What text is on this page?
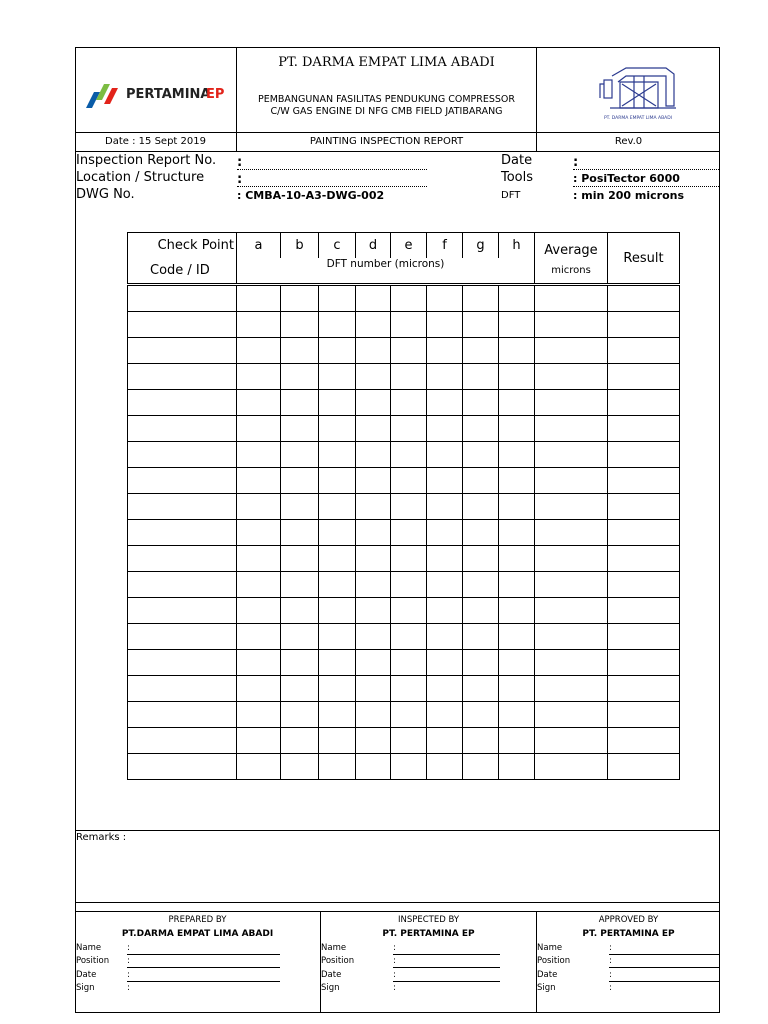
PERTAMINA
EP
PT. DARMA EMPAT LIMA ABADI
PEMBANGUNAN FASILITAS PENDUKUNG COMPRESSOR
C/W GAS ENGINE DI NFG CMB FIELD JATIBARANG
PT. DARMA EMPAT LIMA ABADI
Date : 15 Sept 2019	PAINTING INSPECTION REPORT	Rev.0
Inspection Report No. :	Date	:
Location / Structure	:	Tools	: PosiTector 6000
DWG No.	: CMBA-10-A3-DWG-002	DFT	: min 200 microns
Check Point	a	b	c	d	e	f	g	h	Average	Result
Code / ID	DFT number (microns)								microns	

Remarks :
PREPARED BY
PT.DARMA EMPAT LIMA ABADI
INSPECTED BY
PT. PERTAMINA EP
APPROVED BY
PT. PERTAMINA EP
Name	:
Position :
Date	:
Sign	:
Name	:
Position	:
Date	:
Sign	:
Name	:
Position	:
Date	:
Sign	:
